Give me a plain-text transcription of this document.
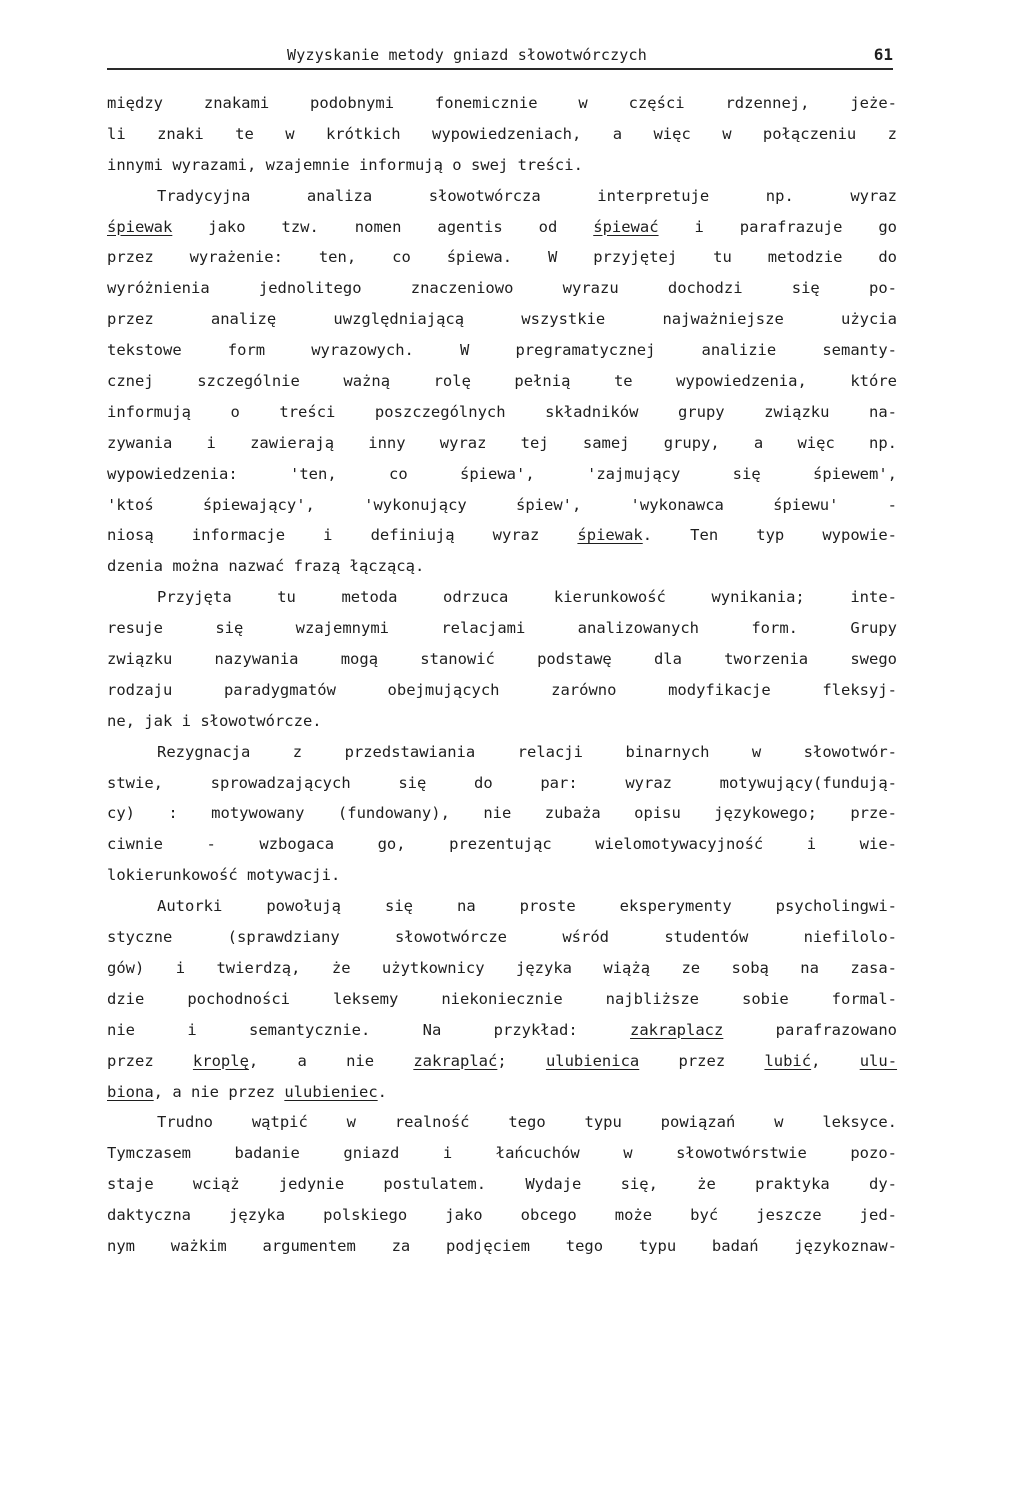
Wyzyskanie metody gniazd słowotwórczych	61
między znakami podobnymi fonemicznie w części rdzennej, jeże-
li znaki te w krótkich wypowiedzeniach, a więc w połączeniu z
innymi wyrazami, wzajemnie informują o swej treści.
Tradycyjna analiza słowotwórcza interpretuje np. wyraz
śpiewak jako tzw. nomen agentis od śpiewać i parafrazuje go
przez wyrażenie: ten, co śpiewa. W przyjętej tu metodzie do
wyróżnienia jednolitego znaczeniowo wyrazu dochodzi się po-
przez analizę uwzględniającą wszystkie najważniejsze użycia
tekstowe form wyrazowych. W pregramatycznej analizie semanty-
cznej szczególnie ważną rolę pełnią te wypowiedzenia, które
informują o treści poszczególnych składników grupy związku na-
zywania i zawierają inny wyraz tej samej grupy, a więc np.
wypowiedzenia: 'ten, co śpiewa', 'zajmujący się śpiewem',
'ktoś śpiewający', 'wykonujący śpiew', 'wykonawca śpiewu' -
niosą informacje i definiują wyraz śpiewak. Ten typ wypowie-
dzenia można nazwać frazą łączącą.
Przyjęta tu metoda odrzuca kierunkowość wynikania; inte-
resuje się wzajemnymi relacjami analizowanych form. Grupy
związku nazywania mogą stanowić podstawę dla tworzenia swego
rodzaju paradygmatów obejmujących zarówno modyfikacje fleksyj-
ne, jak i słowotwórcze.
Rezygnacja z przedstawiania relacji binarnych w słowotwór-
stwie, sprowadzających się do par: wyraz motywujący(fundują-
cy) : motywowany (fundowany), nie zubaża opisu językowego; prze-
ciwnie - wzbogaca go, prezentując wielomotywacyjność i wie-
lokierunkowość motywacji.
Autorki powołują się na proste eksperymenty psycholingwi-
styczne (sprawdziany słowotwórcze wśród studentów niefilolo-
gów) i twierdzą, że użytkownicy języka wiążą ze sobą na zasa-
dzie pochodności leksemy niekoniecznie najbliższe sobie formal-
nie i semantycznie. Na przykład: zakraplacz parafrazowano
przez kroplę, a nie zakraplać; ulubienica przez lubić, ulu-
biona, a nie przez ulubieniec.
Trudno wątpić w realność tego typu powiązań w leksyce.
Tymczasem badanie gniazd i łańcuchów w słowotwórstwie pozo-
staje wciąż jedynie postulatem. Wydaje się, że praktyka dy-
daktyczna języka polskiego jako obcego może być jeszcze jed-
nym ważkim argumentem za podjęciem tego typu badań językoznaw-
